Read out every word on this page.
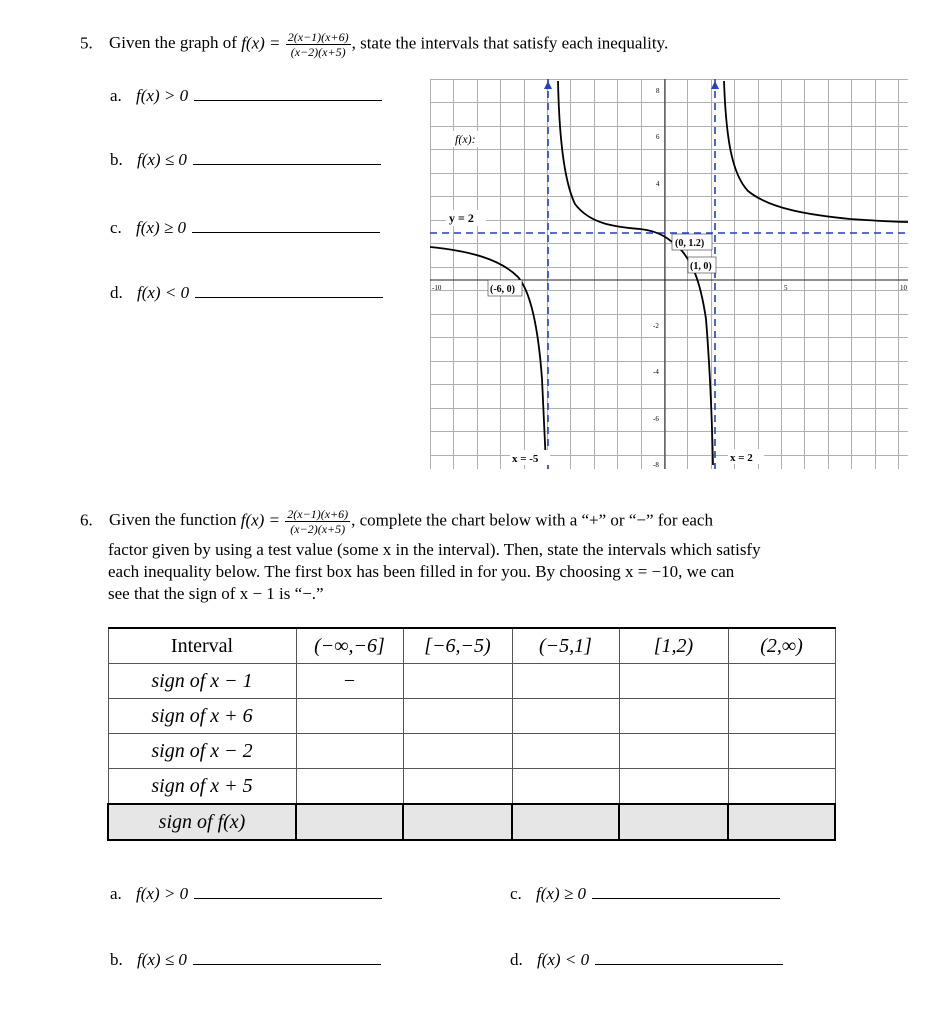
5. Given the graph of $f(x) = \frac{2(x-1)(x+6)}{(x-2)(x+5)}$ , state the intervals that satisfy each inequality.
a. f(x) > 0
b. f(x) ≤ 0
c. f(x) ≥ 0
d. f(x) < 0	-10	5	10
8
6
4
-2
-4
-6
-8
f(x):
y = 2
x = -5	x = 2
(0, 1.2)
(1, 0)
(-6, 0)
6. Given the function $f(x) = \frac{2(x-1)(x+6)}{(x-2)(x+5)}$ , complete the chart below with a “+” or “−” for each
factor given by using a test value (some x in the interval). Then, state the intervals which satisfy
each inequality below. The first box has been filled in for you. By choosing x = −10, we can
see that the sign of x − 1 is “−.”
Interval	(−∞,−6]	[−6,−5)	(−5,1]	[1,2)	(2,∞)
sign of x − 1	−				
sign of x + 6					
sign of x − 2					
sign of x + 5					
sign of f(x)					
a. f(x) > 0
b. f(x) ≤ 0
c. f(x) ≥ 0
d. f(x) < 0
